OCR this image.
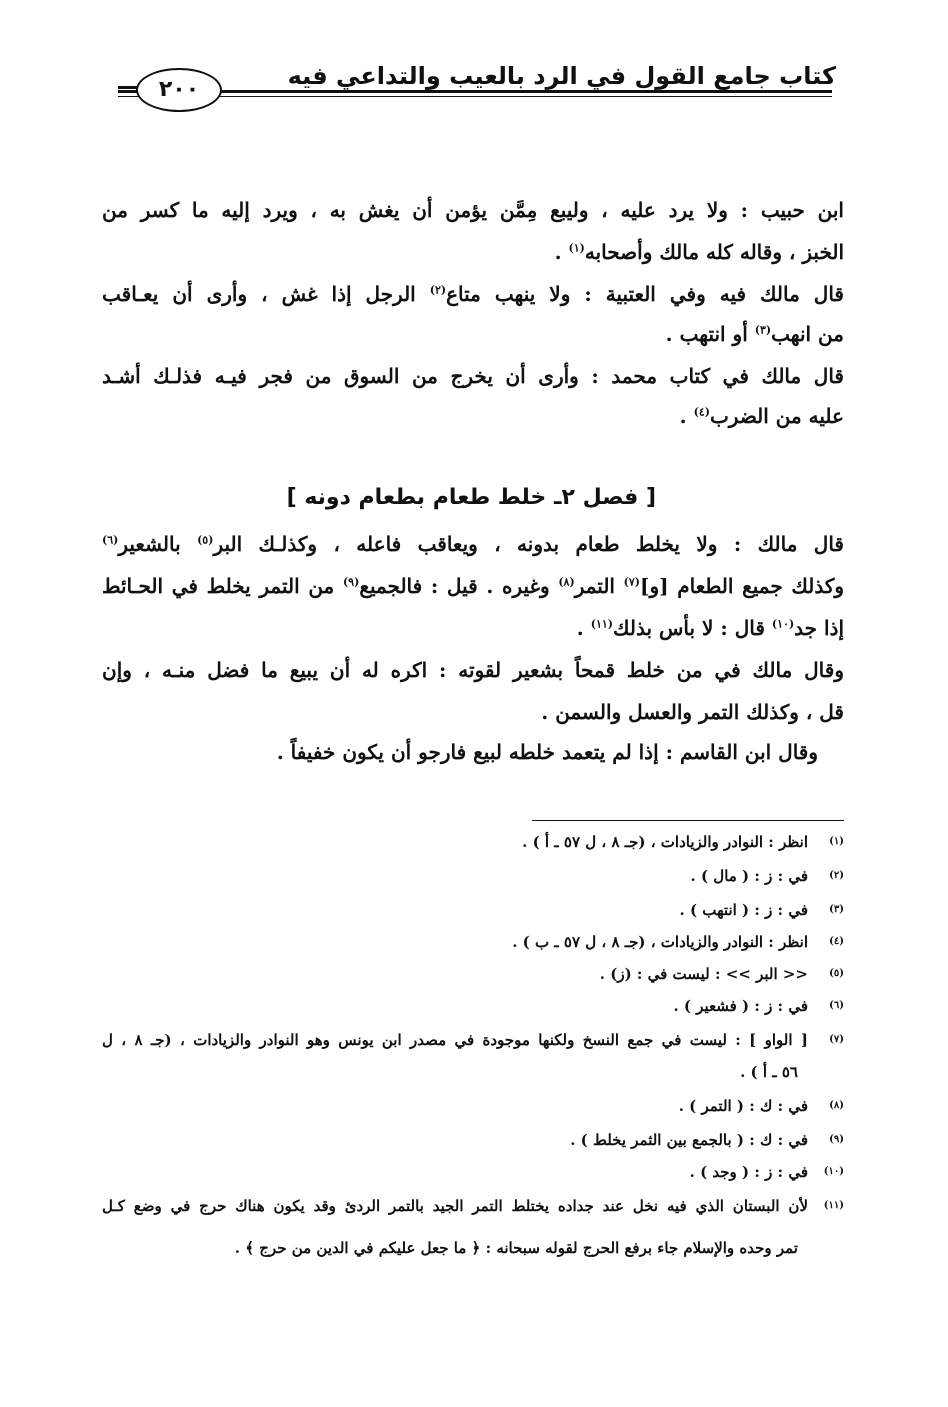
كتاب جامع القول في الرد بالعيب والتداعي فيه
٢٠٠
ابن حبيب : ولا يرد عليه ، وليبع مِمَّن يؤمن أن يغش به ، ويرد إليه ما كسر من
الخبز ، وقاله كله مالك وأصحابه$^{(١)}$ .
قال مالك فيه وفي العتبية : ولا ينهب متاع$^{(٢)}$ الرجل إذا غش ، وأرى أن يعـاقب
من انهب$^{(٣)}$ أو انتهب .
قال مالك في كتاب محمد : وأرى أن يخرج من السوق من فجر فيـه فذلـك أشـد
عليه من الضرب$^{(٤)}$ .
[ فصل ٢ـ خلط طعام بطعام دونه ]
قال مالك : ولا يخلط طعام بدونه ، ويعاقب فاعله ، وكذلـك البر$^{(٥)}$ بالشعير$^{(٦)}$
وكذلك جميع الطعام [و]$^{(٧)}$ التمر$^{(٨)}$ وغيره . قيل : فالجميع$^{(٩)}$ من التمر يخلط في الحـائط
إذا جد$^{(١٠)}$ قال : لا بأس بذلك$^{(١١)}$ .
وقال مالك في من خلط قمحاً بشعير لقوته : اكره له أن يبيع ما فضل منـه ، وإن
قل ، وكذلك التمر والعسل والسمن .
وقال ابن القاسم : إذا لم يتعمد خلطه لبيع فارجو أن يكون خفيفاً .
(١)انظر : النوادر والزيادات ، (جـ ٨ ، ل ٥٧ ـ أ ) .
(٢)في : ز : ( مال ) .
(٣)في : ز : ( انتهب ) .
(٤)انظر : النوادر والزيادات ، (جـ ٨ ، ل ٥٧ ـ ب ) .
(٥)<< البر >> : ليست في : (ز) .
(٦)في : ز : ( فشعير ) .
(٧)[ الواو ] : ليست في جمع النسخ ولكنها موجودة في مصدر ابن يونس وهو النوادر والزيادات ، (جـ ٨ ، ل
٥٦ ـ أ ) .
(٨)في : ك : ( التمر ) .
(٩)في : ك : ( بالجمع بين الثمر يخلط ) .
(١٠)في : ز : ( وجد ) .
(١١)لأن البستان الذي فيه نخل عند جداده يختلط التمر الجيد بالتمر الردئ وقد يكون هناك حرج في وضع كـل
تمر وحده والإسلام جاء برفع الحرج لقوله سبحانه : ﴿ ما جعل عليكم في الدين من حرج ﴾ .
